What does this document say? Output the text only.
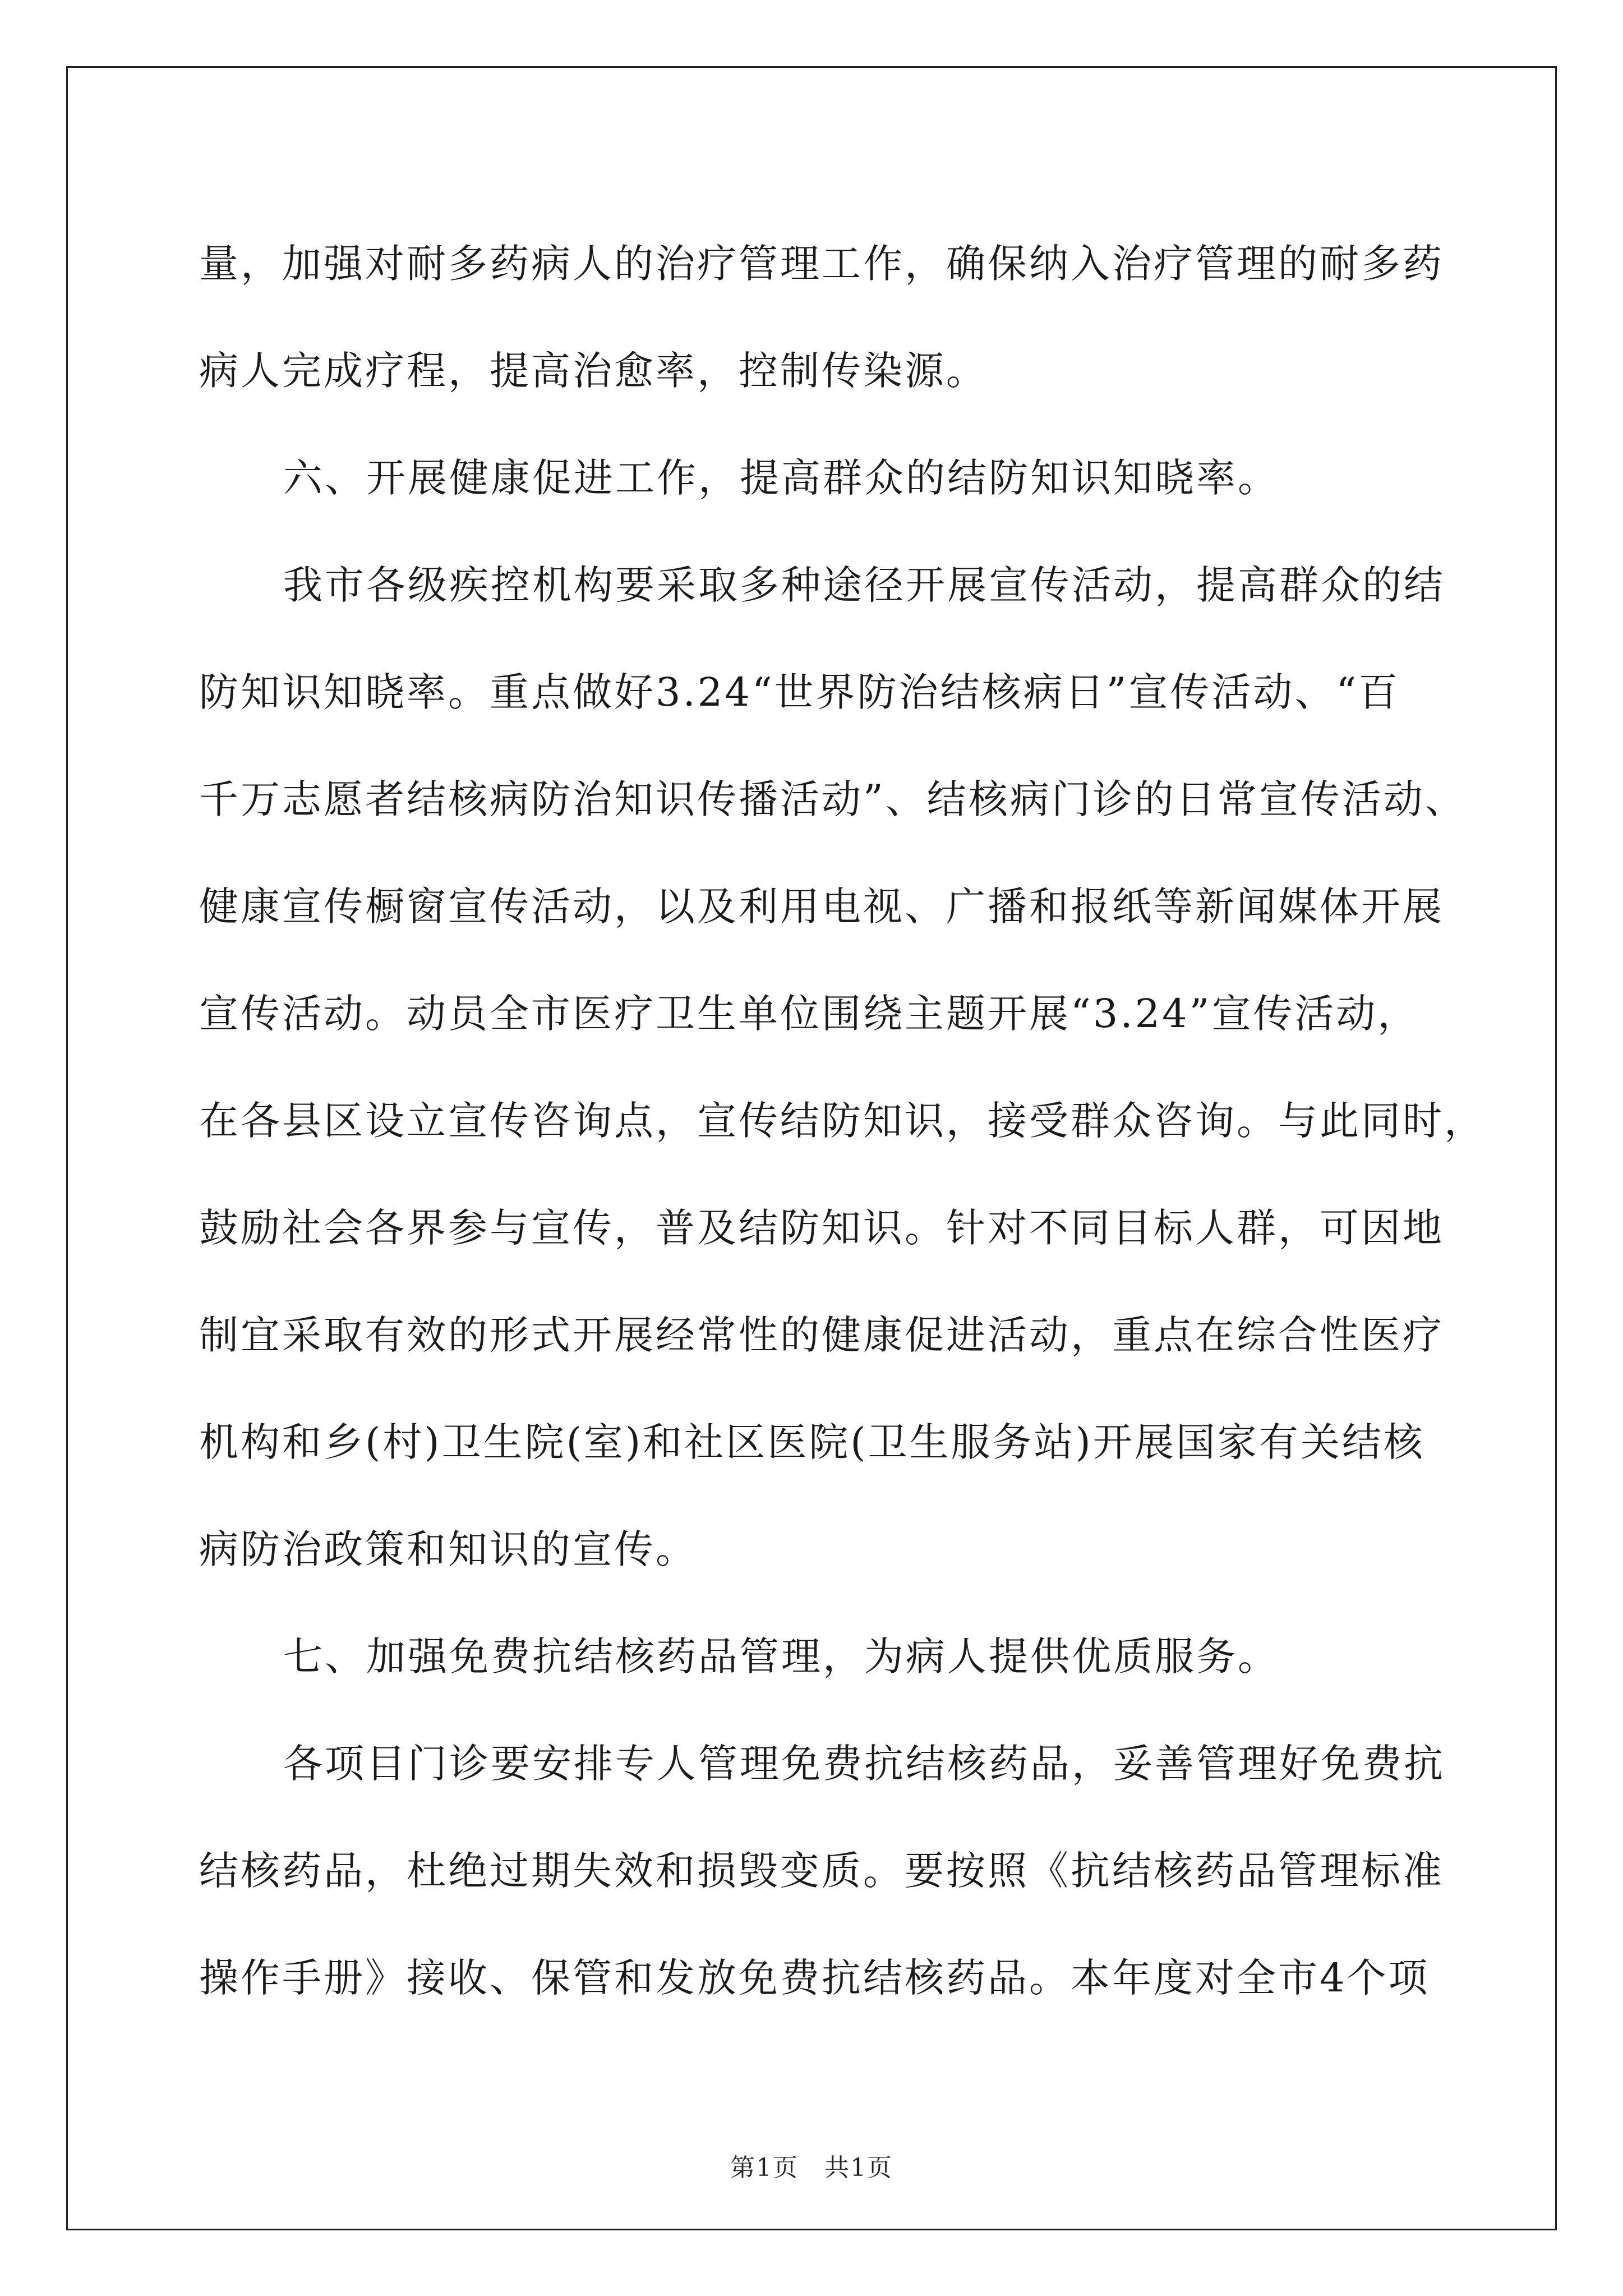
量，加强对耐多药病人的治疗管理工作，确保纳入治疗管理的耐多药
病人完成疗程，提高治愈率，控制传染源。
六、开展健康促进工作，提高群众的结防知识知晓率。
我市各级疾控机构要采取多种途径开展宣传活动，提高群众的结
防知识知晓率。重点做好3.24“世界防治结核病日”宣传活动、“百
千万志愿者结核病防治知识传播活动”、结核病门诊的日常宣传活动、
健康宣传橱窗宣传活动，以及利用电视、广播和报纸等新闻媒体开展
宣传活动。动员全市医疗卫生单位围绕主题开展“3.24”宣传活动，
在各县区设立宣传咨询点，宣传结防知识，接受群众咨询。与此同时，
鼓励社会各界参与宣传，普及结防知识。针对不同目标人群，可因地
制宜采取有效的形式开展经常性的健康促进活动，重点在综合性医疗
机构和乡(村)卫生院(室)和社区医院(卫生服务站)开展国家有关结核
病防治政策和知识的宣传。
七、加强免费抗结核药品管理，为病人提供优质服务。
各项目门诊要安排专人管理免费抗结核药品，妥善管理好免费抗
结核药品，杜绝过期失效和损毁变质。要按照《抗结核药品管理标准
操作手册》接收、保管和发放免费抗结核药品。本年度对全市4个项
第1页　共1页
